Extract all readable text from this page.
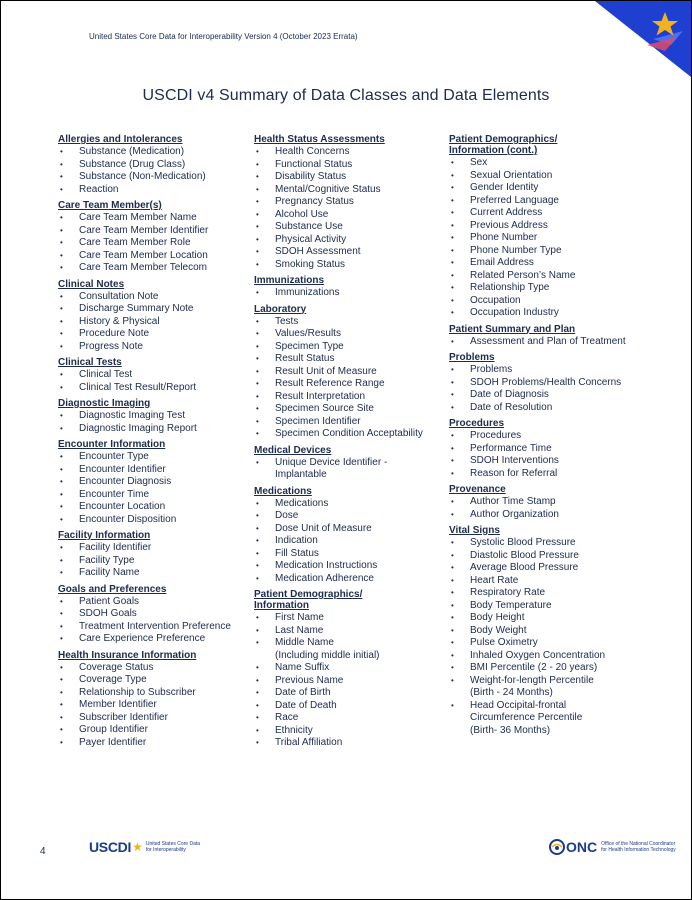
United States Core Data for Interoperability Version 4 (October 2023 Errata)
USCDI v4 Summary of Data Classes and Data Elements
Allergies and Intolerances
• Substance (Medication)
• Substance (Drug Class)
• Substance (Non-Medication)
• Reaction
Care Team Member(s)
• Care Team Member Name
• Care Team Member Identifier
• Care Team Member Role
• Care Team Member Location
• Care Team Member Telecom
Clinical Notes
• Consultation Note
• Discharge Summary Note
• History & Physical
• Procedure Note
• Progress Note
Clinical Tests
• Clinical Test
• Clinical Test Result/Report
Diagnostic Imaging
• Diagnostic Imaging Test
• Diagnostic Imaging Report
Encounter Information
• Encounter Type
• Encounter Identifier
• Encounter Diagnosis
• Encounter Time
• Encounter Location
• Encounter Disposition
Facility Information
• Facility Identifier
• Facility Type
• Facility Name
Goals and Preferences
• Patient Goals
• SDOH Goals
• Treatment Intervention Preference
• Care Experience Preference
Health Insurance Information
• Coverage Status
• Coverage Type
• Relationship to Subscriber
• Member Identifier
• Subscriber Identifier
• Group Identifier
• Payer Identifier
Health Status Assessments
• Health Concerns
• Functional Status
• Disability Status
• Mental/Cognitive Status
• Pregnancy Status
• Alcohol Use
• Substance Use
• Physical Activity
• SDOH Assessment
• Smoking Status
Immunizations
• Immunizations
Laboratory
• Tests
• Values/Results
• Specimen Type
• Result Status
• Result Unit of Measure
• Result Reference Range
• Result Interpretation
• Specimen Source Site
• Specimen Identifier
• Specimen Condition Acceptability
Medical Devices
• Unique Device Identifier -
Implantable
Medications
• Medications
• Dose
• Dose Unit of Measure
• Indication
• Fill Status
• Medication Instructions
• Medication Adherence
Patient Demographics/
Information
• First Name
• Last Name
• Middle Name
(Including middle initial)
• Name Suffix
• Previous Name
• Date of Birth
• Date of Death
• Race
• Ethnicity
• Tribal Affiliation
Patient Demographics/
Information (cont.)
• Sex
• Sexual Orientation
• Gender Identity
• Preferred Language
• Current Address
• Previous Address
• Phone Number
• Phone Number Type
• Email Address
• Related Person’s Name
• Relationship Type
• Occupation
• Occupation Industry
Patient Summary and Plan
• Assessment and Plan of Treatment
Problems
• Problems
• SDOH Problems/Health Concerns
• Date of Diagnosis
• Date of Resolution
Procedures
• Procedures
• Performance Time
• SDOH Interventions
• Reason for Referral
Provenance
• Author Time Stamp
• Author Organization
Vital Signs
• Systolic Blood Pressure
• Diastolic Blood Pressure
• Average Blood Pressure
• Heart Rate
• Respiratory Rate
• Body Temperature
• Body Height
• Body Weight
• Pulse Oximetry
• Inhaled Oxygen Concentration
• BMI Percentile (2 - 20 years)
• Weight-for-length Percentile
(Birth - 24 Months)
• Head Occipital-frontal
Circumference Percentile
(Birth- 36 Months)
4	USCDI ★ United States Core Data
for Interoperability	ONC Office of the National Coordinator
for Health Information Technology
